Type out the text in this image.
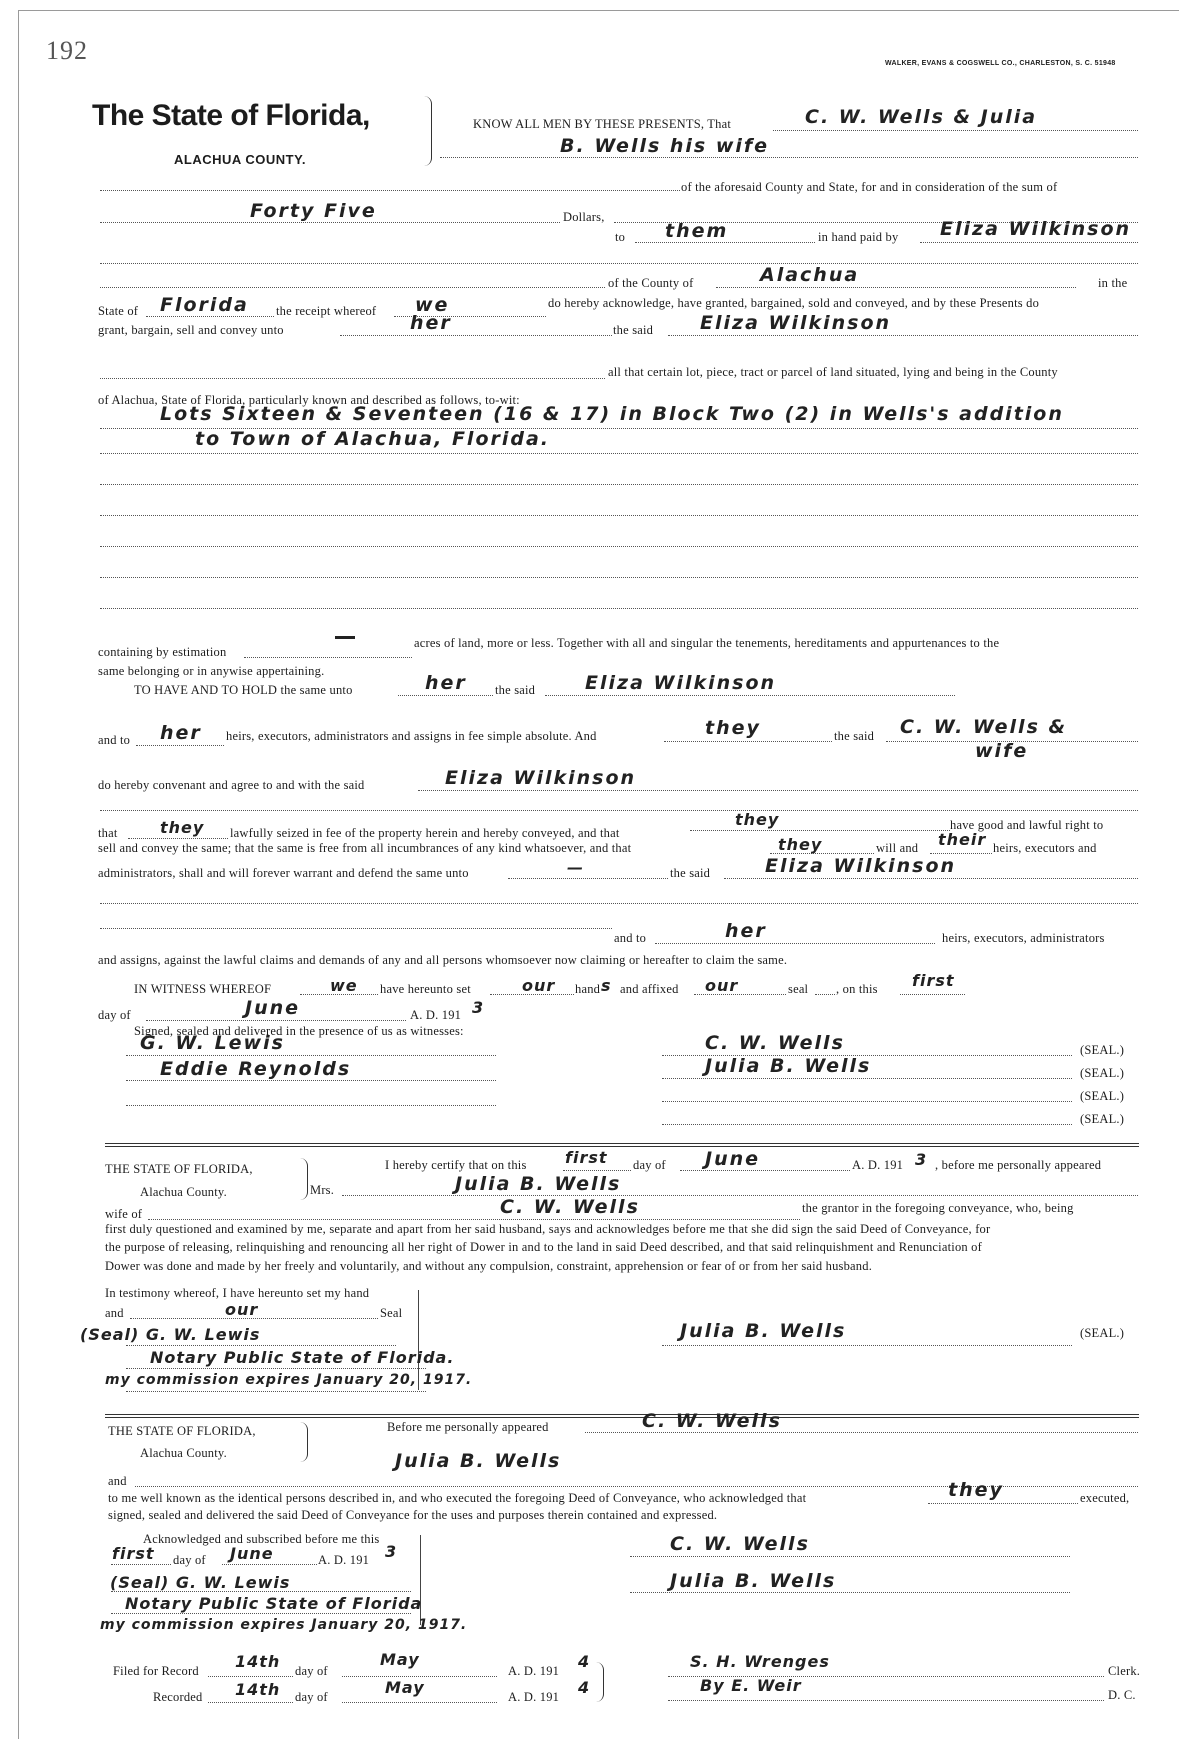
192	WALKER, EVANS & COGSWELL CO., CHARLESTON, S. C. 51948
The State of Florida,
ALACHUA COUNTY.
KNOW ALL MEN BY THESE PRESENTS, That	C. W. Wells & Julia
B. Wells his wife
of the aforesaid County and State, for and in consideration of the sum of
Forty Five	Dollars,
to them	in hand paid by Eliza Wilkinson
of the County of	Alachua	in the
State of Florida the receipt whereof we	do hereby acknowledge, have granted, bargained, sold and conveyed, and by these Presents do
grant, bargain, sell and convey unto	her	the said Eliza Wilkinson
all that certain lot, piece, tract or parcel of land situated, lying and being in the County
of Alachua, State of Florida, particularly known and described as follows, to-wit:
Lots Sixteen & Seventeen (16 & 17) in Block Two (2) in Wells's addition
to Town of Alachua, Florida.
containing by estimation
acres of land, more or less. Together with all and singular the tenements, hereditaments and appurtenances to the
same belonging or in anywise appertaining.
TO HAVE AND TO HOLD the same unto	her the said	Eliza Wilkinson
and to her heirs, executors, administrators and assigns in fee simple absolute. And	they	the said C. W. Wells &
wife
do hereby convenant and agree to and with the said	Eliza Wilkinson
that	they lawfully seized in fee of the property herein and hereby conveyed, and that
they	have good and lawful right to
sell and convey the same; that the same is free from all incumbrances of any kind whatsoever, and that	they	will and their heirs, executors and
administrators, shall and will forever warrant and defend the same unto	—	the said	Eliza Wilkinson
and to	her	heirs, executors, administrators
and assigns, against the lawful claims and demands of any and all persons whomsoever now claiming or hereafter to claim the same.
IN WITNESS WHEREOF	we have hereunto set	our hand s and affixed our	seal , on this first
day of	June	A. D. 191 3
Signed, sealed and delivered in the presence of us as witnesses:
G. W. Lewis
Eddie Reynolds
C. W. Wells	(SEAL.)
Julia B. Wells	(SEAL.)
(SEAL.)
(SEAL.)
THE STATE OF FLORIDA,
Alachua County.
I hereby certify that on this first day of June	A. D. 191 3 , before me personally appeared
Mrs.	Julia B. Wells
wife of	C. W. Wells	the grantor in the foregoing conveyance, who, being
first duly questioned and examined by me, separate and apart from her said husband, says and acknowledges before me that she did sign the said Deed of Conveyance, for
the purpose of releasing, relinquishing and renouncing all her right of Dower in and to the land in said Deed described, and that said relinquishment and Renunciation of
Dower was done and made by her freely and voluntarily, and without any compulsion, constraint, apprehension or fear of or from her said husband.
In testimony whereof, I have hereunto set my hand
and	our	Seal
(Seal) G. W. Lewis
Notary Public State of Florida.
my commission expires January 20, 1917.
Julia B. Wells	(SEAL.)
THE STATE OF FLORIDA,
Alachua County.
Before me personally appeared	C. W. Wells
and
Julia B. Wells
to me well known as the identical persons described in, and who executed the foregoing Deed of Conveyance, who acknowledged that	they	executed,
signed, sealed and delivered the said Deed of Conveyance for the uses and purposes therein contained and expressed.
Acknowledged and subscribed before me this
first day of June	A. D. 191 3
(Seal) G. W. Lewis
Notary Public State of Florida
my commission expires January 20, 1917.
C. W. Wells
Julia B. Wells
Filed for Record 14th day of
May
A. D. 191 4
Recorded 14th day of	May	A. D. 191 4
S. H. Wrenges	Clerk.
By E. Weir	D. C.
